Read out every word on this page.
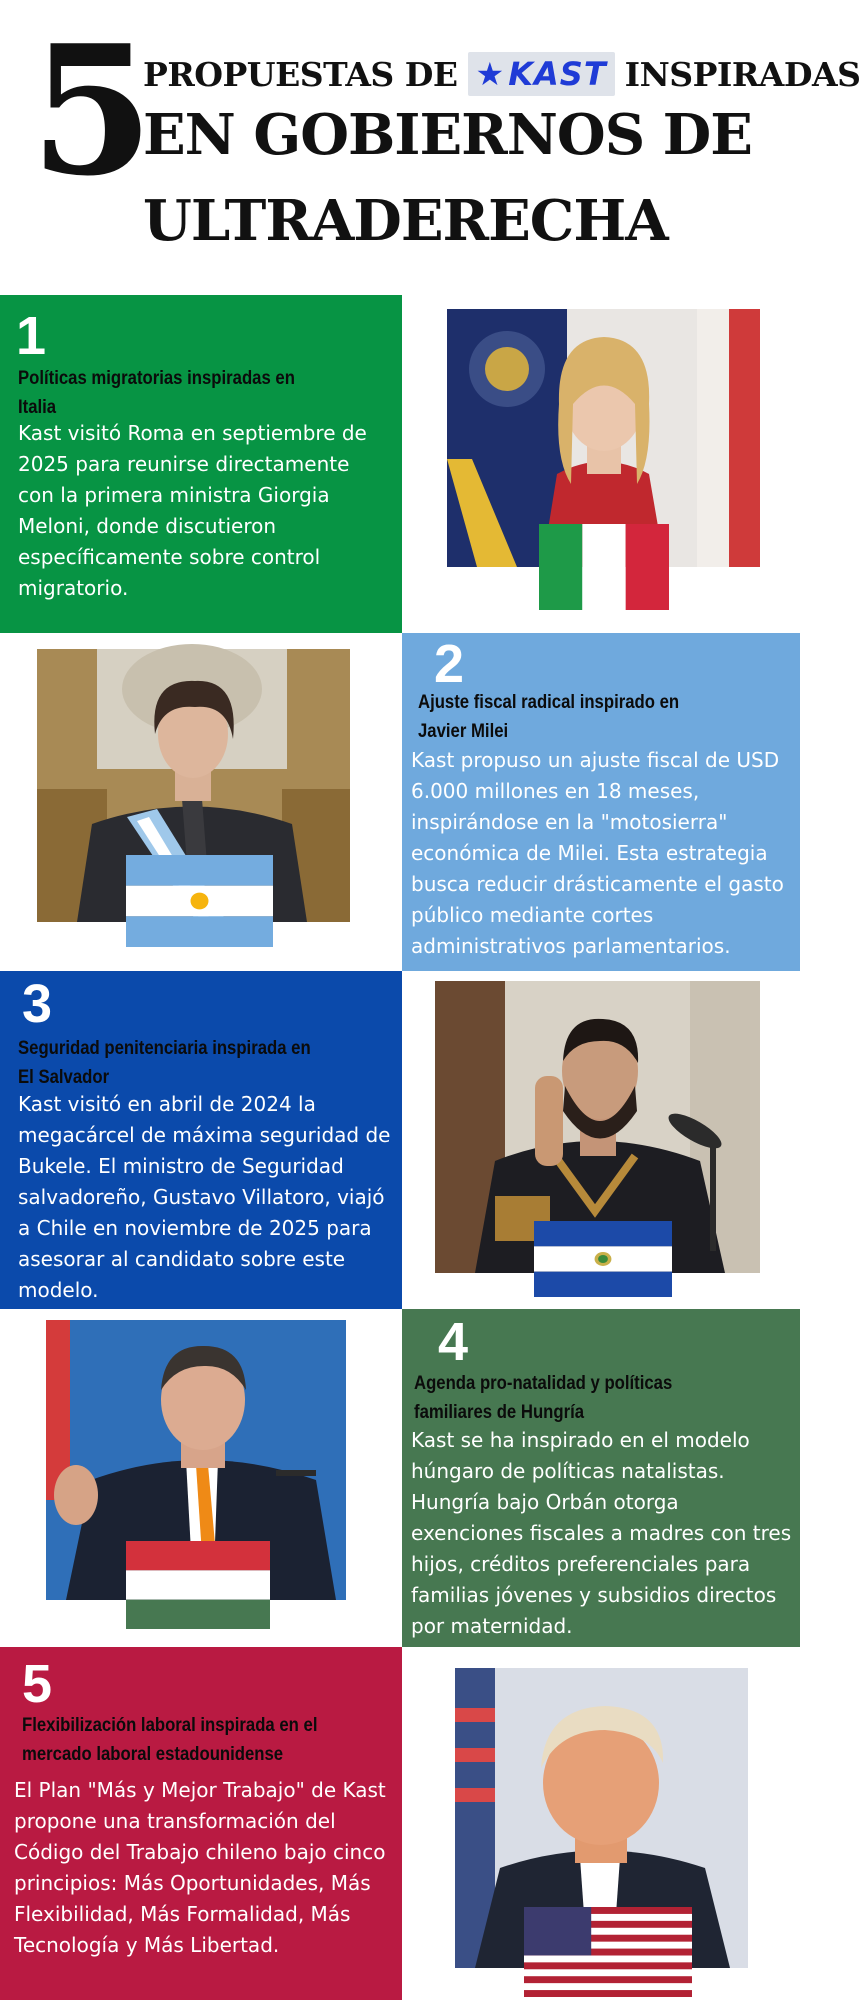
5
PROPUESTAS DE ★ KAST INSPIRADAS
EN GOBIERNOS DE
ULTRADERECHA
1
Políticas migratorias inspiradas en Italia
Kast visitó Roma en septiembre de 2025 para reunirse directamente con la primera ministra Giorgia Meloni, donde discutieron específicamente sobre control migratorio.
2
Ajuste fiscal radical inspirado en Javier Milei
Kast propuso un ajuste fiscal de USD 6.000 millones en 18 meses, inspirándose en la "motosierra" económica de Milei. Esta estrategia busca reducir drásticamente el gasto público mediante cortes administrativos parlamentarios.
3
Seguridad penitenciaria inspirada en El Salvador
Kast visitó en abril de 2024 la megacárcel de máxima seguridad de Bukele. El ministro de Seguridad salvadoreño, Gustavo Villatoro, viajó a Chile en noviembre de 2025 para asesorar al candidato sobre este modelo.
4
Agenda pro-natalidad y políticas familiares de Hungría
Kast se ha inspirado en el modelo húngaro de políticas natalistas. Hungría bajo Orbán otorga exenciones fiscales a madres con tres hijos, créditos preferenciales para familias jóvenes y subsidios directos por maternidad.
5
Flexibilización laboral inspirada en el mercado laboral estadounidense
El Plan "Más y Mejor Trabajo" de Kast propone una transformación del Código del Trabajo chileno bajo cinco principios: Más Oportunidades, Más Flexibilidad, Más Formalidad, Más Tecnología y Más Libertad.
